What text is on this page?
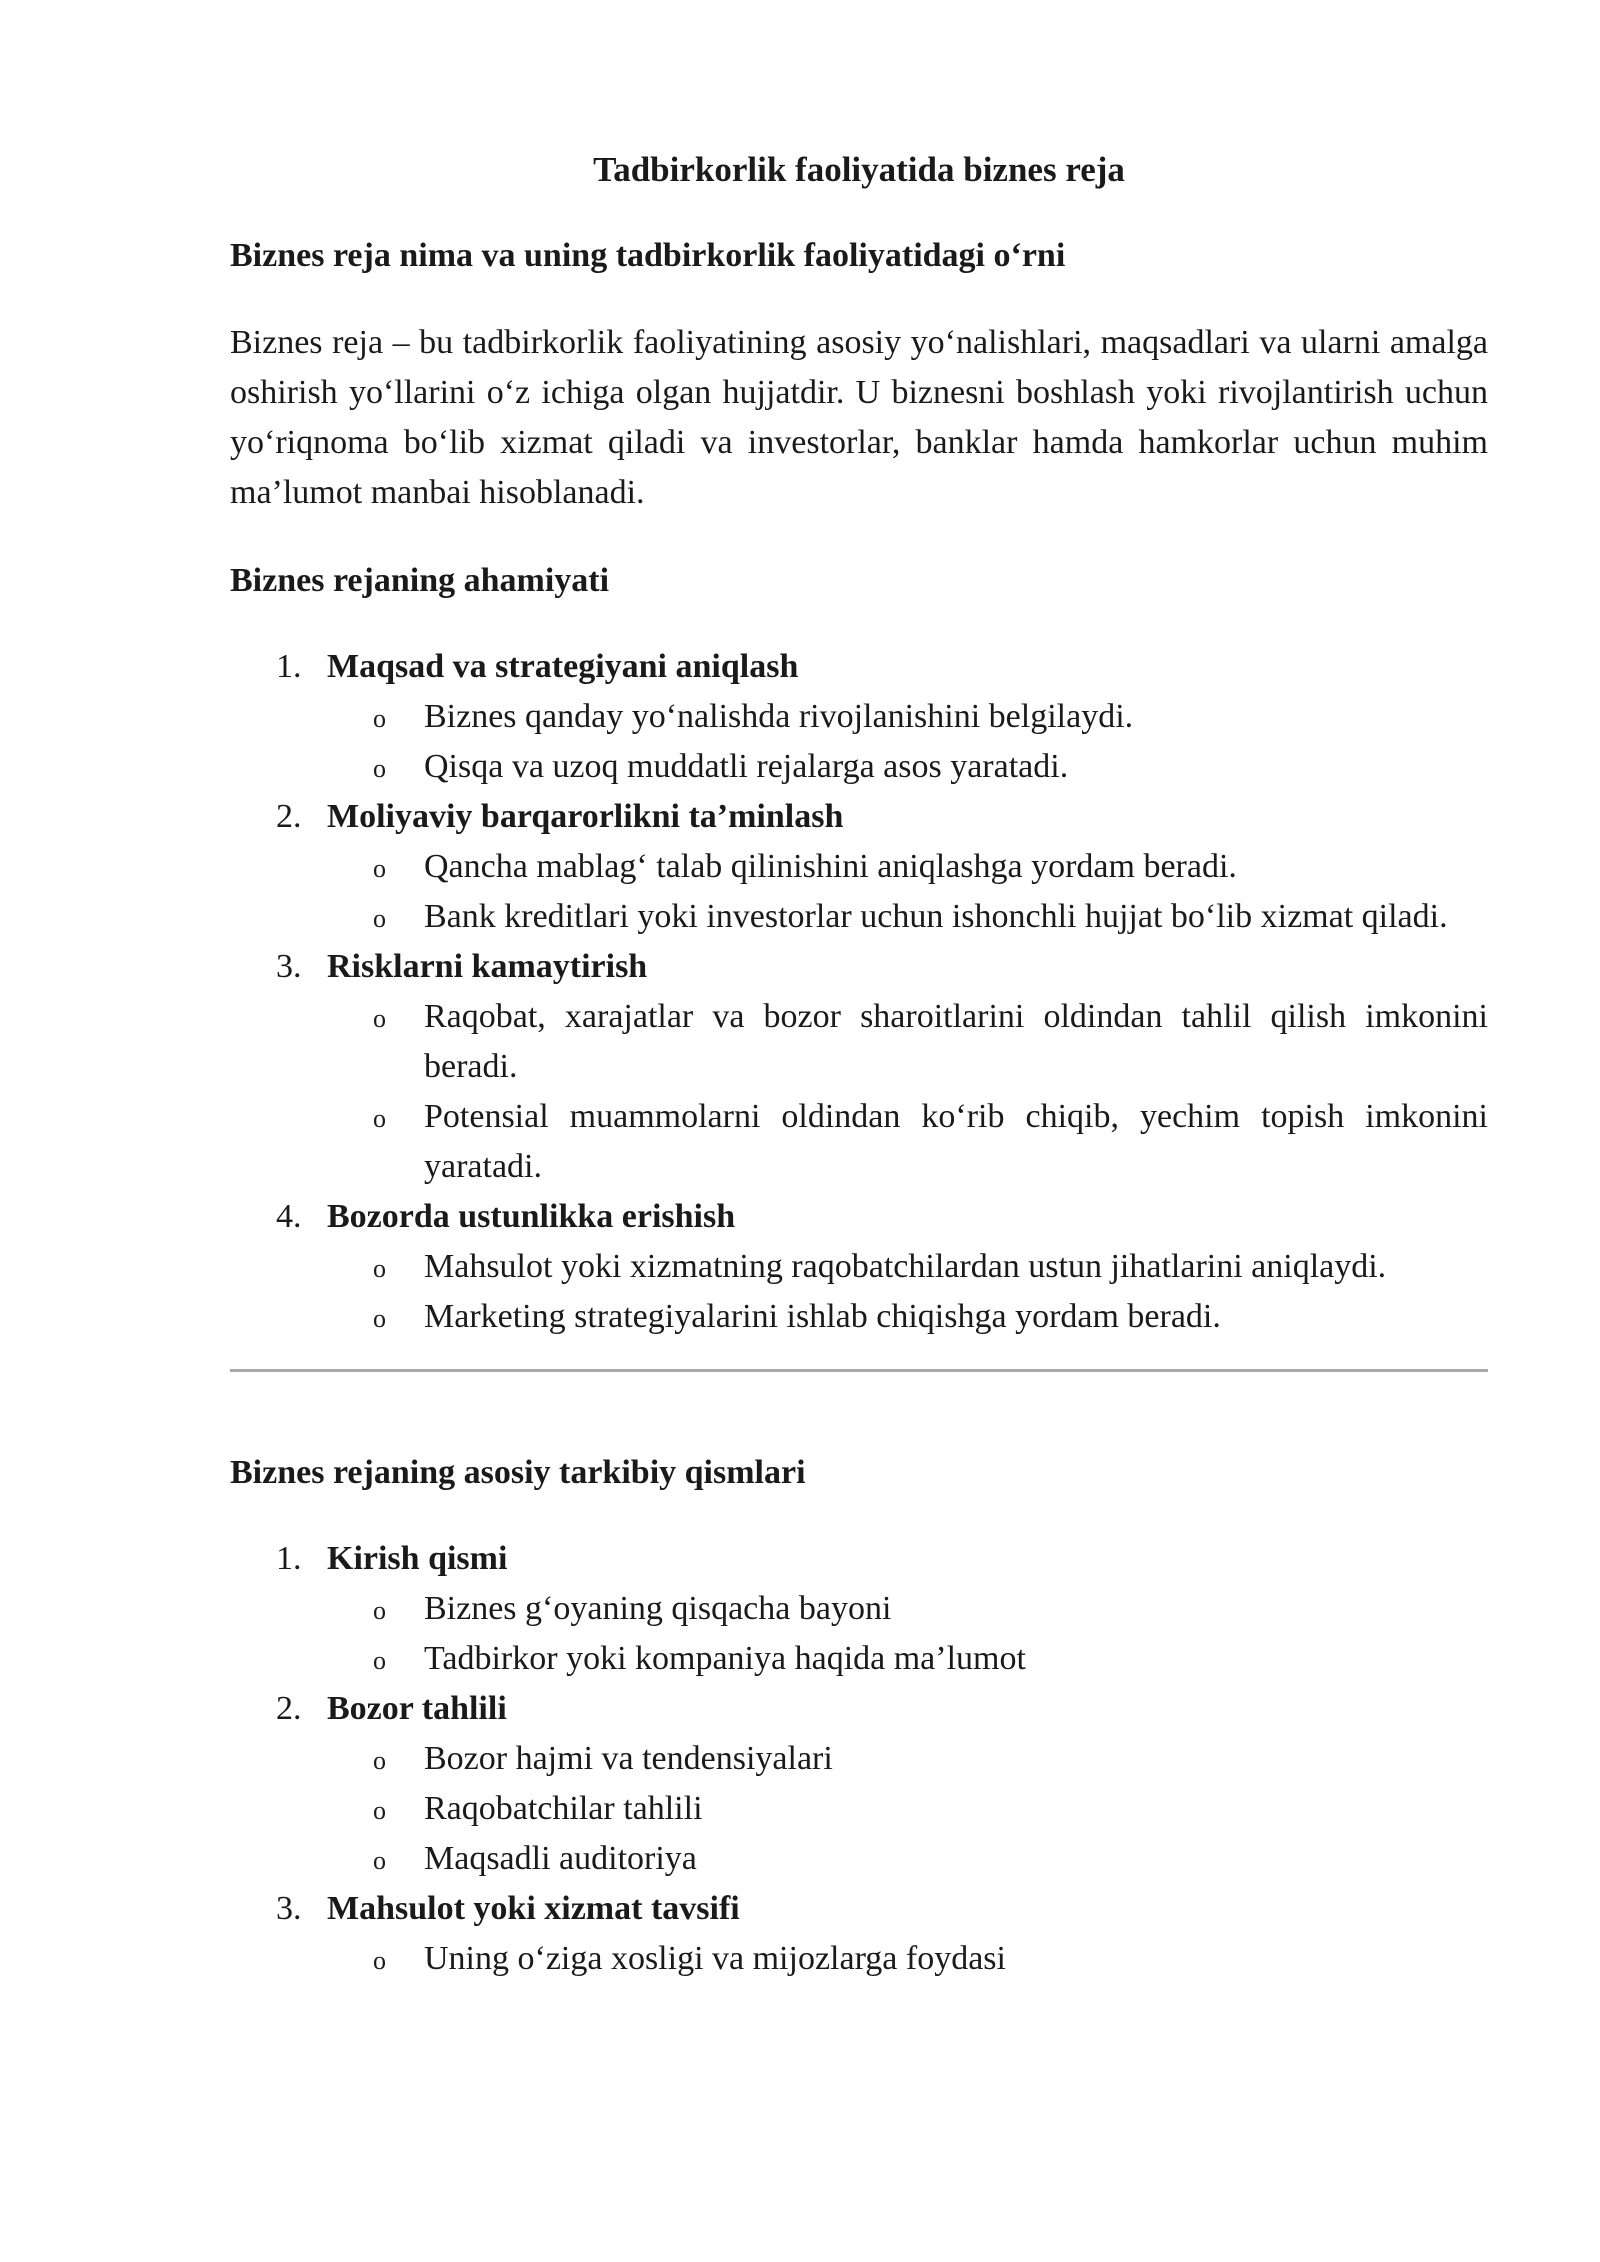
Tadbirkorlik faoliyatida biznes reja
Biznes reja nima va uning tadbirkorlik faoliyatidagi o‘rni

Biznes reja – bu tadbirkorlik faoliyatining asosiy yo‘nalishlari, maqsadlari va ularni amalga oshirish yo‘llarini o‘z ichiga olgan hujjatdir. U biznesni boshlash yoki rivojlantirish uchun yo‘riqnoma bo‘lib xizmat qiladi va investorlar, banklar hamda hamkorlar uchun muhim ma’lumot manbai hisoblanadi.

Biznes rejaning ahamiyati
1. Maqsad va strategiyani aniqlash
o Biznes qanday yo‘nalishda rivojlanishini belgilaydi.
o Qisqa va uzoq muddatli rejalarga asos yaratadi.
2. Moliyaviy barqarorlikni ta’minlash
o Qancha mablag‘ talab qilinishini aniqlashga yordam beradi.
o Bank kreditlari yoki investorlar uchun ishonchli hujjat bo‘lib xizmat qiladi.
3. Risklarni kamaytirish
o Raqobat, xarajatlar va bozor sharoitlarini oldindan tahlil qilish imkonini beradi.
o Potensial muammolarni oldindan ko‘rib chiqib, yechim topish imkonini yaratadi.
4. Bozorda ustunlikka erishish
o Mahsulot yoki xizmatning raqobatchilardan ustun jihatlarini aniqlaydi.
o Marketing strategiyalarini ishlab chiqishga yordam beradi.
Biznes rejaning asosiy tarkibiy qismlari
1. Kirish qismi
o Biznes g‘oyaning qisqacha bayoni
o Tadbirkor yoki kompaniya haqida ma’lumot
2. Bozor tahlili
o Bozor hajmi va tendensiyalari
o Raqobatchilar tahlili
o Maqsadli auditoriya
3. Mahsulot yoki xizmat tavsifi
o Uning o‘ziga xosligi va mijozlarga foydasi
